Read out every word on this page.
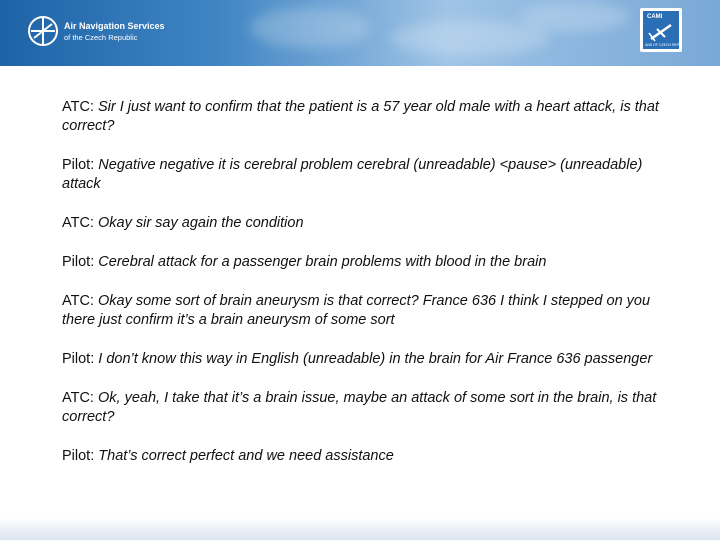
Air Navigation Services
of the Czech Republic
CAMI
ANS OF CZECH REP

ATC: Sir I just want to confirm that the patient is a 57 year old male with a heart attack, is that correct?

Pilot: Negative negative it is cerebral problem cerebral (unreadable) <pause> (unreadable) attack

ATC: Okay sir say again the condition

Pilot: Cerebral attack for a passenger brain problems with blood in the brain

ATC: Okay some sort of brain aneurysm is that correct? France 636 I think I stepped on you there just confirm it’s a brain aneurysm of some sort

Pilot: I don’t know this way in English (unreadable) in the brain for Air France 636 passenger

ATC: Ok, yeah, I take that it’s a brain issue, maybe an attack of some sort in the brain, is that correct?

Pilot: That’s correct perfect and we need assistance
